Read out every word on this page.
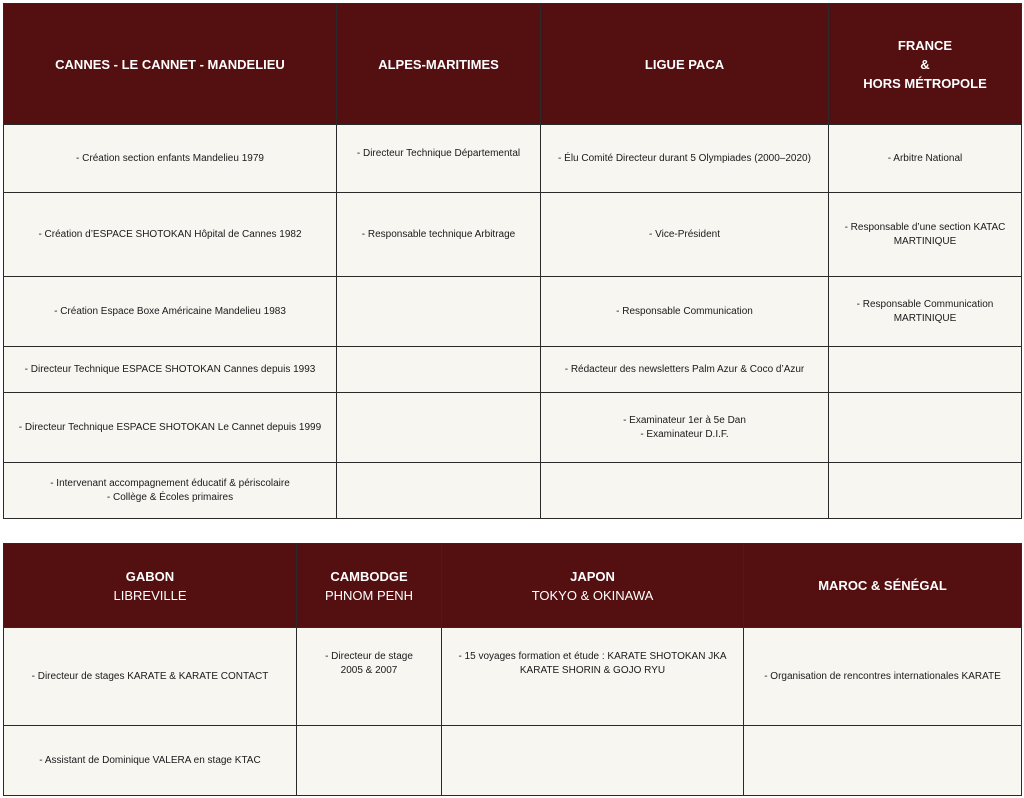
CANNES - LE CANNET - MANDELIEU	ALPES-MARITIMES	LIGUE PACA	FRANCE
&
HORS MÉTROPOLE

- Création section enfants Mandelieu 1979	- Directeur Technique Départemental	- Élu Comité Directeur durant 5 Olympiades (2000–2020)	- Arbitre National
- Création d’ESPACE SHOTOKAN Hôpital de Cannes 1982	- Responsable technique Arbitrage	- Vice-Président	- Responsable d’une section KATAC MARTINIQUE
- Création Espace Boxe Américaine Mandelieu 1983		- Responsable Communication	- Responsable Communication MARTINIQUE
- Directeur Technique ESPACE SHOTOKAN Cannes depuis 1993		- Rédacteur des newsletters Palm Azur & Coco d’Azur	
- Directeur Technique ESPACE SHOTOKAN Le Cannet depuis 1999		- Examinateur 1er à 5e Dan
- Examinateur D.I.F.	

- Intervenant accompagnement éducatif & périscolaire
- Collège & Écoles primaires			

GABON
LIBREVILLE	CAMBODGE
PHNOM PENH	JAPON
TOKYO & OKINAWA	MAROC & SÉNÉGAL

- Directeur de stages KARATE & KARATE CONTACT	- Directeur de stage
2005 & 2007	- 15 voyages formation et étude : KARATE SHOTOKAN JKA
KARATE SHORIN & GOJO RYU	- Organisation de rencontres internationales KARATE
- Assistant de Dominique VALERA en stage KTAC			
